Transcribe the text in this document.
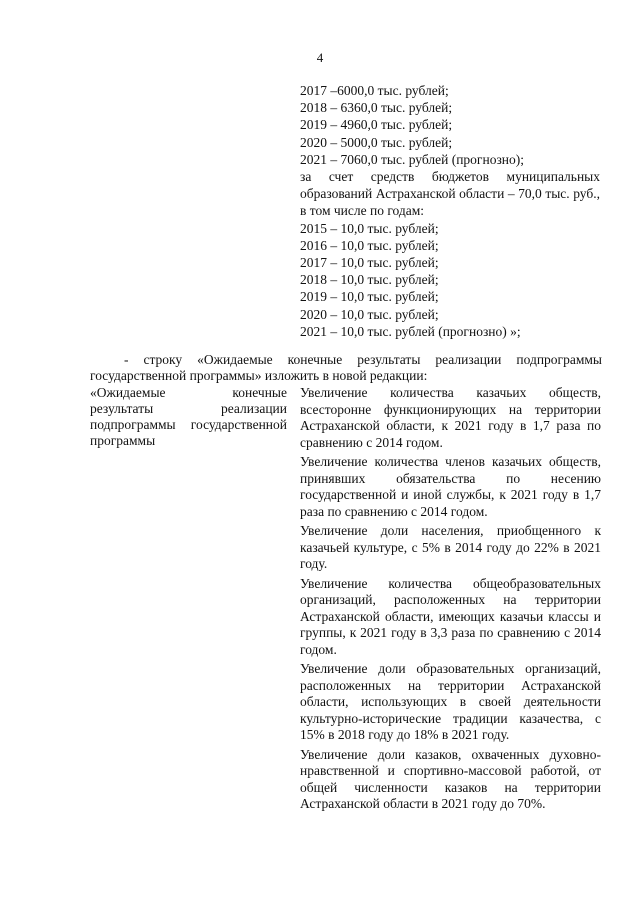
4
2017 –6000,0 тыс. рублей;
2018 – 6360,0 тыс. рублей;
2019 – 4960,0 тыс. рублей;
2020 – 5000,0 тыс. рублей;
2021 – 7060,0 тыс. рублей (прогнозно);
за счет средств бюджетов муниципальных образований Астраханской области – 70,0 тыс. руб., в том числе по годам:
2015 – 10,0 тыс. рублей;
2016 – 10,0 тыс. рублей;
2017 – 10,0 тыс. рублей;
2018 – 10,0 тыс. рублей;
2019 – 10,0 тыс. рублей;
2020 – 10,0 тыс. рублей;
2021 – 10,0 тыс. рублей (прогнозно) »;
- строку «Ожидаемые конечные результаты реализации подпрограммы государственной программы» изложить в новой редакции:
«Ожидаемые конечные результаты реализации подпрограммы государственной программы
Увеличение количества казачьих обществ, всесторонне функционирующих на территории Астраханской области, к 2021 году в 1,7 раза по сравнению с 2014 годом.
Увеличение количества членов казачьих обществ, принявших обязательства по несению государственной и иной службы, к 2021 году в 1,7 раза по сравнению с 2014 годом.
Увеличение доли населения, приобщенного к казачьей культуре, с 5% в 2014 году до 22% в 2021 году.
Увеличение количества общеобразовательных организаций, расположенных на территории Астраханской области, имеющих казачьи классы и группы, к 2021 году в 3,3 раза по сравнению с 2014 годом.
Увеличение доли образовательных организаций, расположенных на территории Астраханской области, использующих в своей деятельности культурно-исторические традиции казачества, с 15% в 2018 году до 18% в 2021 году.
Увеличение доли казаков, охваченных духовно-нравственной и спортивно-массовой работой, от общей численности казаков на территории Астраханской области в 2021 году до 70%.
